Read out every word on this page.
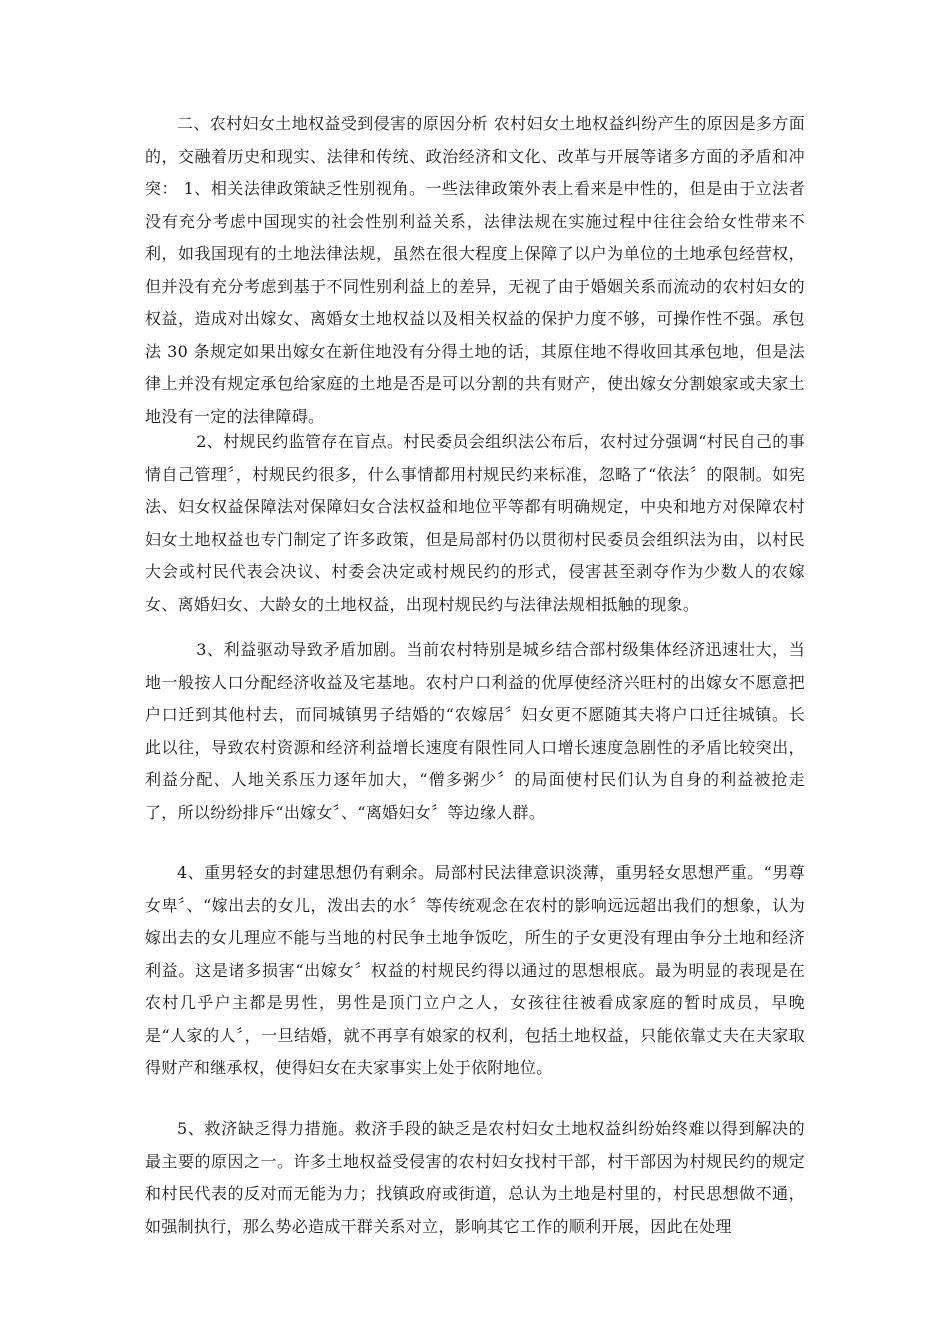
二、农村妇女土地权益受到侵害的原因分析 农村妇女土地权益纠纷产生的原因是多方面的，交融着历史和现实、法律和传统、政治经济和文化、改革与开展等诸多方面的矛盾和冲突： 1、相关法律政策缺乏性别视角。一些法律政策外表上看来是中性的，但是由于立法者没有充分考虑中国现实的社会性别利益关系，法律法规在实施过程中往往会给女性带来不利，如我国现有的土地法律法规，虽然在很大程度上保障了以户为单位的土地承包经营权，但并没有充分考虑到基于不同性别利益上的差异，无视了由于婚姻关系而流动的农村妇女的权益，造成对出嫁女、离婚女土地权益以及相关权益的保护力度不够，可操作性不强。承包法 30 条规定如果出嫁女在新住地没有分得土地的话，其原住地不得收回其承包地，但是法律上并没有规定承包给家庭的土地是否是可以分割的共有财产，使出嫁女分割娘家或夫家土地没有一定的法律障碍。

2、村规民约监管存在盲点。村民委员会组织法公布后，农村过分强调“村民自己的事情自己管理〞，村规民约很多，什么事情都用村规民约来标准，忽略了“依法〞的限制。如宪法、妇女权益保障法对保障妇女合法权益和地位平等都有明确规定，中央和地方对保障农村妇女土地权益也专门制定了许多政策，但是局部村仍以贯彻村民委员会组织法为由，以村民大会或村民代表会决议、村委会决定或村规民约的形式，侵害甚至剥夺作为少数人的农嫁女、离婚妇女、大龄女的土地权益，出现村规民约与法律法规相抵触的现象。

3、利益驱动导致矛盾加剧。当前农村特别是城乡结合部村级集体经济迅速壮大，当地一般按人口分配经济收益及宅基地。农村户口利益的优厚使经济兴旺村的出嫁女不愿意把户口迁到其他村去，而同城镇男子结婚的“农嫁居〞妇女更不愿随其夫将户口迁往城镇。长此以往，导致农村资源和经济利益增长速度有限性同人口增长速度急剧性的矛盾比较突出，利益分配、人地关系压力逐年加大，“僧多粥少〞的局面使村民们认为自身的利益被抢走了，所以纷纷排斥“出嫁女〞、“离婚妇女〞等边缘人群。

4、重男轻女的封建思想仍有剩余。局部村民法律意识淡薄，重男轻女思想严重。“男尊女卑〞、“嫁出去的女儿，泼出去的水〞等传统观念在农村的影响远远超出我们的想象，认为嫁出去的女儿理应不能与当地的村民争土地争饭吃，所生的子女更没有理由争分土地和经济利益。这是诸多损害“出嫁女〞权益的村规民约得以通过的思想根底。最为明显的表现是在农村几乎户主都是男性，男性是顶门立户之人，女孩往往被看成家庭的暂时成员，早晚是“人家的人〞，一旦结婚，就不再享有娘家的权利，包括土地权益，只能依靠丈夫在夫家取得财产和继承权，使得妇女在夫家事实上处于依附地位。

5、救济缺乏得力措施。救济手段的缺乏是农村妇女土地权益纠纷始终难以得到解决的最主要的原因之一。许多土地权益受侵害的农村妇女找村干部，村干部因为村规民约的规定和村民代表的反对而无能为力；找镇政府或街道，总认为土地是村里的，村民思想做不通，如强制执行，那么势必造成干群关系对立，影响其它工作的顺利开展，因此在处理
